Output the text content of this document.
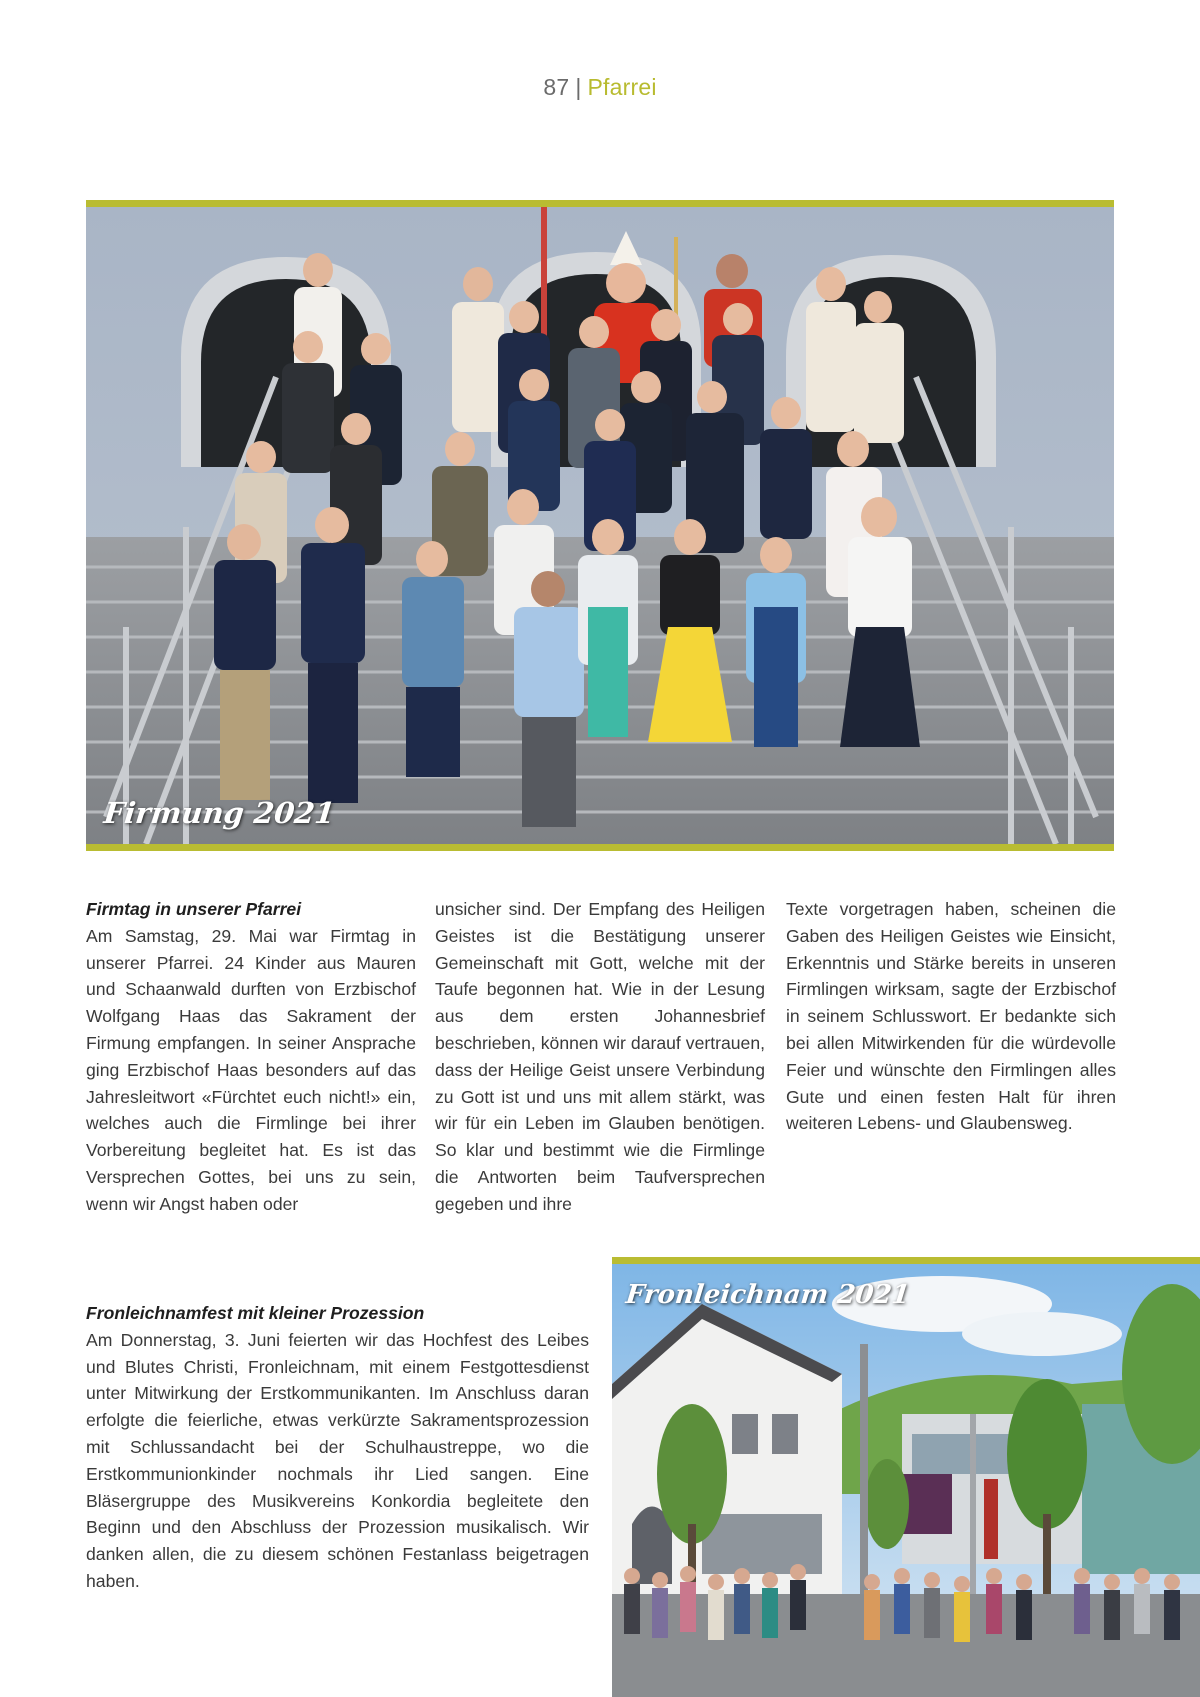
87 | Pfarrei
Firmung 2021
Firmtag in unserer Pfarrei
Am Samstag, 29. Mai war Firmtag in unserer Pfarrei. 24 Kinder aus Mauren und Schaanwald durften von Erzbischof Wolfgang Haas das Sakrament der Firmung empfangen. In seiner Ansprache ging Erzbischof Haas besonders auf das Jahresleitwort «Fürchtet euch nicht!» ein, welches auch die Firmlinge bei ihrer Vorbereitung begleitet hat. Es ist das Versprechen Gottes, bei uns zu sein, wenn wir Angst haben oder
unsicher sind. Der Empfang des Heiligen Geistes ist die Bestätigung unserer Gemeinschaft mit Gott, welche mit der Taufe begonnen hat. Wie in der Lesung aus dem ersten Johannesbrief beschrieben, können wir darauf vertrauen, dass der Heilige Geist unsere Verbindung zu Gott ist und uns mit allem stärkt, was wir für ein Leben im Glauben benötigen. So klar und bestimmt wie die Firmlinge die Antworten beim Taufversprechen gegeben und ihre
Texte vorgetragen haben, scheinen die Gaben des Heiligen Geistes wie Einsicht, Erkenntnis und Stärke bereits in unseren Firmlingen wirksam, sagte der Erzbischof in seinem Schlusswort. Er bedankte sich bei allen Mitwirkenden für die würdevolle Feier und wünschte den Firmlingen alles Gute und einen festen Halt für ihren weiteren Lebens- und Glaubensweg.
Fronleichnamfest mit kleiner Prozession
Am Donnerstag, 3. Juni feierten wir das Hochfest des Leibes und Blutes Christi, Fronleichnam, mit einem Festgottesdienst unter Mitwirkung der Erstkommunikanten. Im Anschluss daran erfolgte die feierliche, etwas verkürzte Sakramentsprozession mit Schlussandacht bei der Schulhaustreppe, wo die Erstkommunionkinder nochmals ihr Lied sangen. Eine Bläsergruppe des Musikvereins Konkordia begleitete den Beginn und den Abschluss der Prozession musikalisch. Wir danken allen, die zu diesem schönen Festanlass beigetragen haben.
Fronleichnam 2021
